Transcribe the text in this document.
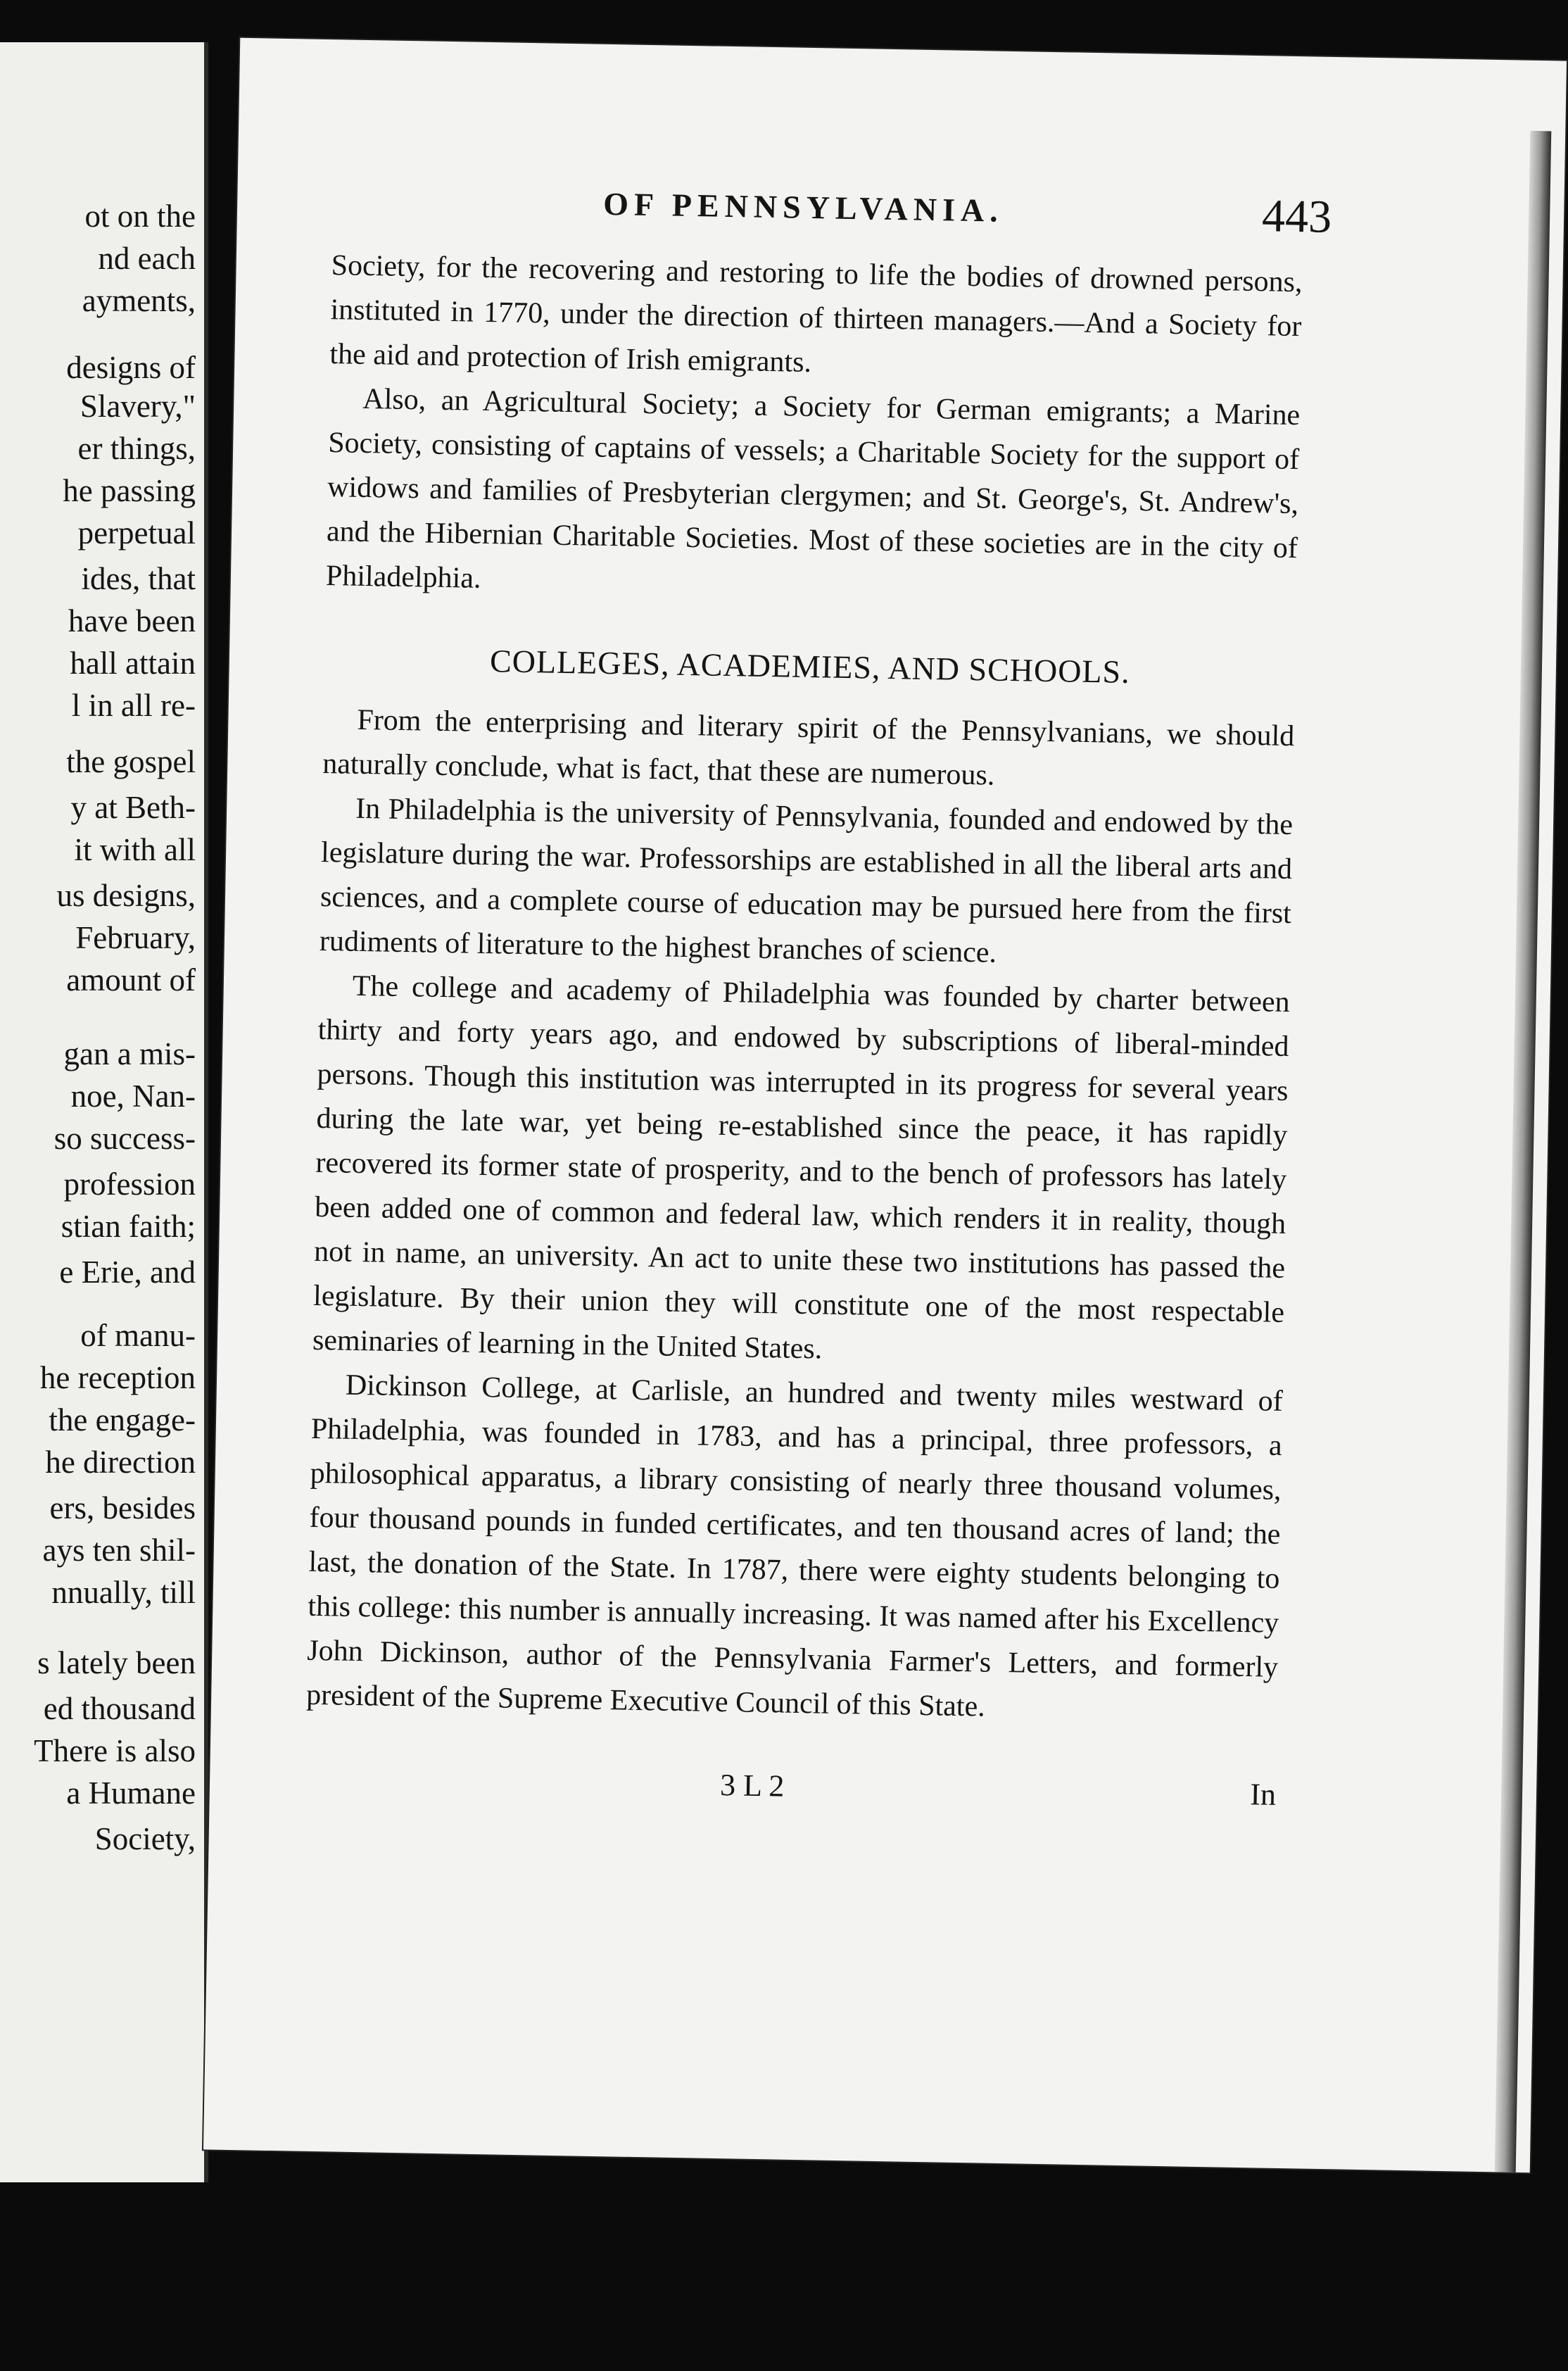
ot on the
nd each
ayments,
designs of
Slavery,"
er things,
he passing
perpetual
ides, that
have been
hall attain
l in all re-
the gospel
y at Beth-
it with all
us designs,
February,
amount of
gan a mis-
noe, Nan-
so success-
profession
stian faith;
e Erie, and
of manu-
he reception
the engage-
he direction
ers, besides
ays ten shil-
nnually, till
s lately been
ed thousand
There is also
a Humane
Society,
OF PENNSYLVANIA.	443

Society, for the recovering and restoring to life the bodies of drowned persons, instituted in 1770, under the direction of thirteen managers.—And a Society for the aid and protection of Irish emigrants.

Also, an Agricultural Society; a Society for German emigrants; a Marine Society, consisting of captains of vessels; a Charitable Society for the support of widows and families of Presbyterian clergymen; and St. George's, St. Andrew's, and the Hibernian Charitable Societies. Most of these societies are in the city of Philadelphia.

COLLEGES, ACADEMIES, AND SCHOOLS.

From the enterprising and literary spirit of the Pennsylvanians, we should naturally conclude, what is fact, that these are numerous.

In Philadelphia is the university of Pennsylvania, founded and endowed by the legislature during the war. Professorships are established in all the liberal arts and sciences, and a complete course of education may be pursued here from the first rudiments of literature to the highest branches of science.

The college and academy of Philadelphia was founded by charter between thirty and forty years ago, and endowed by subscriptions of liberal-minded persons. Though this institution was interrupted in its progress for several years during the late war, yet being re-established since the peace, it has rapidly recovered its former state of prosperity, and to the bench of professors has lately been added one of common and federal law, which renders it in reality, though not in name, an university. An act to unite these two institutions has passed the legislature. By their union they will constitute one of the most respectable seminaries of learning in the United States.

Dickinson College, at Carlisle, an hundred and twenty miles westward of Philadelphia, was founded in 1783, and has a principal, three professors, a philosophical apparatus, a library consisting of nearly three thousand volumes, four thousand pounds in funded certificates, and ten thousand acres of land; the last, the donation of the State. In 1787, there were eighty students belonging to this college: this number is annually increasing. It was named after his Excellency John Dickinson, author of the Pennsylvania Farmer's Letters, and formerly president of the Supreme Executive Council of this State.

3 L 2	In
